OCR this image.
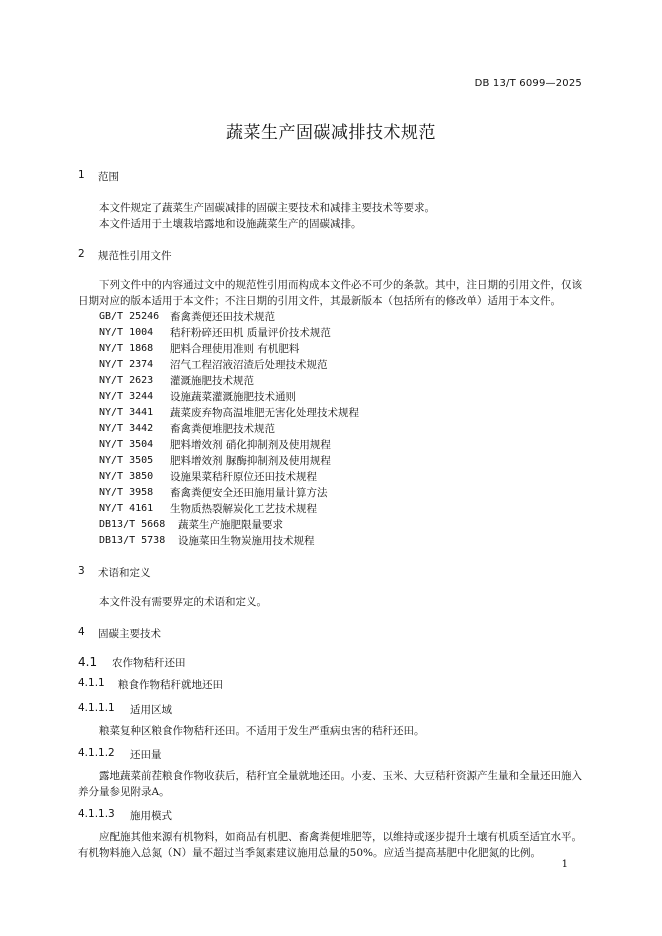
DB 13/T 6099—2025
蔬菜生产固碳减排技术规范
1	范围

本文件规定了蔬菜生产固碳减排的固碳主要技术和减排主要技术等要求。

本文件适用于土壤栽培露地和设施蔬菜生产的固碳减排。

2	规范性引用文件

下列文件中的内容通过文中的规范性引用而构成本文件必不可少的条款。其中，注日期的引用文件，仅该日期对应的版本适用于本文件；不注日期的引用文件，其最新版本（包括所有的修改单）适用于本文件。

GB/T 25246	畜禽粪便还田技术规范
NY/T 1004	秸秆粉碎还田机 质量评价技术规范
NY/T 1868	肥料合理使用准则 有机肥料
NY/T 2374	沼气工程沼液沼渣后处理技术规范
NY/T 2623	灌溉施肥技术规范
NY/T 3244	设施蔬菜灌溉施肥技术通则
NY/T 3441	蔬菜废弃物高温堆肥无害化处理技术规程
NY/T 3442	畜禽粪便堆肥技术规范
NY/T 3504	肥料增效剂 硝化抑制剂及使用规程
NY/T 3505	肥料增效剂 脲酶抑制剂及使用规程
NY/T 3850	设施果菜秸秆原位还田技术规程
NY/T 3958	畜禽粪便安全还田施用量计算方法
NY/T 4161	生物质热裂解炭化工艺技术规程
DB13/T 5668	蔬菜生产施肥限量要求
DB13/T 5738	设施菜田生物炭施用技术规程
3	术语和定义

本文件没有需要界定的术语和定义。

4	固碳主要技术
4.1	农作物秸秆还田
4.1.1	粮食作物秸秆就地还田
4.1.1.1	适用区域

粮菜复种区粮食作物秸秆还田。不适用于发生严重病虫害的秸秆还田。

4.1.1.2	还田量

露地蔬菜前茬粮食作物收获后，秸秆宜全量就地还田。小麦、玉米、大豆秸秆资源产生量和全量还田施入养分量参见附录A。

4.1.1.3	施用模式

应配施其他来源有机物料，如商品有机肥、畜禽粪便堆肥等，以维持或逐步提升土壤有机质至适宜水平。有机物料施入总氮（N）量不超过当季氮素建议施用总量的50%。应适当提高基肥中化肥氮的比例。

1
